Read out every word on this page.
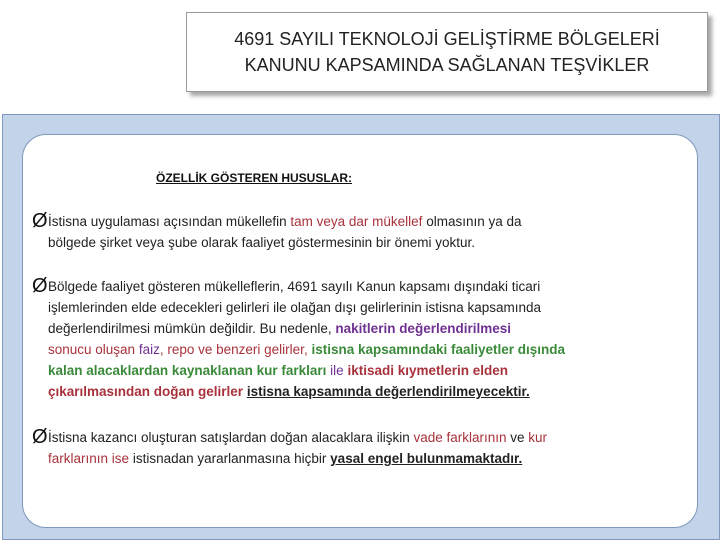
4691 SAYILI TEKNOLOJİ GELİŞTİRME BÖLGELERİ
KANUNU KAPSAMINDA SAĞLANAN TEŞVİKLER
ÖZELLİK GÖSTEREN HUSUSLAR:
Ø İstisna uygulaması açısından mükellefin tam veya dar mükellef olmasının ya da
bölgede şirket veya şube olarak faaliyet göstermesinin bir önemi yoktur.
Ø Bölgede faaliyet gösteren mükelleflerin, 4691 sayılı Kanun kapsamı dışındaki ticari
işlemlerinden elde edecekleri gelirleri ile olağan dışı gelirlerinin istisna kapsamında
değerlendirilmesi mümkün değildir. Bu nedenle, nakitlerin değerlendirilmesi
sonucu oluşan faiz, repo ve benzeri gelirler, istisna kapsamındaki faaliyetler dışında
kalan alacaklardan kaynaklanan kur farkları ile iktisadi kıymetlerin elden
çıkarılmasından doğan gelirler istisna kapsamında değerlendirilmeyecektir.
Ø İstisna kazancı oluşturan satışlardan doğan alacaklara ilişkin vade farklarının ve kur
farklarının ise istisnadan yararlanmasına hiçbir yasal engel bulunmamaktadır.
